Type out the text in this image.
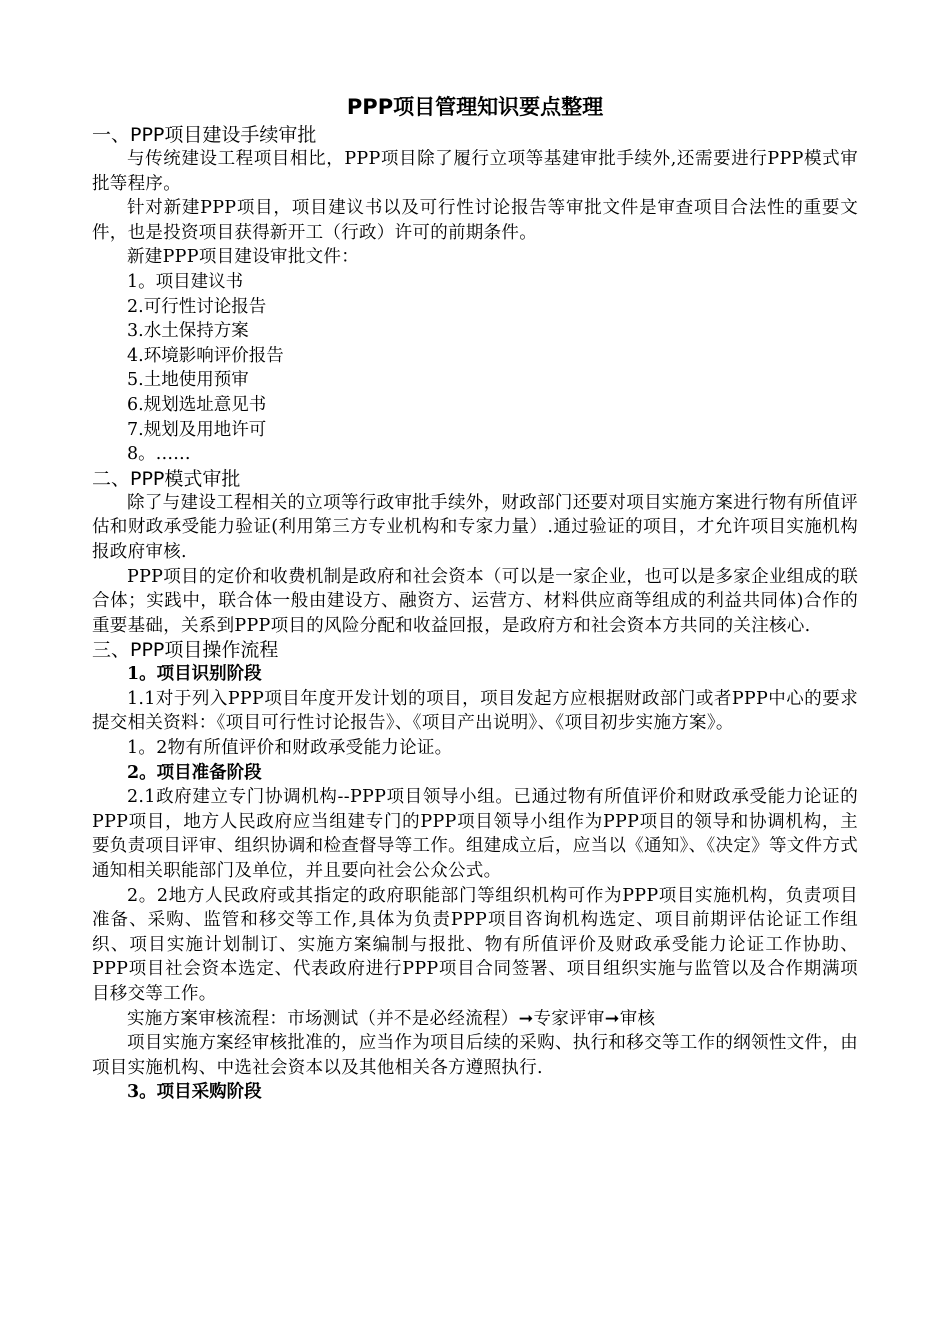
PPP项目管理知识要点整理
一、PPP项目建设手续审批

与传统建设工程项目相比，PPP项目除了履行立项等基建审批手续外,还需要进行PPP模式审批等程序。

针对新建PPP项目，项目建议书以及可行性讨论报告等审批文件是审查项目合法性的重要文件，也是投资项目获得新开工（行政）许可的前期条件。

新建PPP项目建设审批文件：

1。项目建议书
2.可行性讨论报告
3.水土保持方案
4.环境影响评价报告
5.土地使用预审
6.规划选址意见书
7.规划及用地许可
8。……
二、PPP模式审批

除了与建设工程相关的立项等行政审批手续外，财政部门还要对项目实施方案进行物有所值评估和财政承受能力验证(利用第三方专业机构和专家力量）.通过验证的项目，才允许项目实施机构报政府审核.

PPP项目的定价和收费机制是政府和社会资本（可以是一家企业，也可以是多家企业组成的联合体；实践中，联合体一般由建设方、融资方、运营方、材料供应商等组成的利益共同体)合作的重要基础，关系到PPP项目的风险分配和收益回报，是政府方和社会资本方共同的关注核心.

三、PPP项目操作流程
1。项目识别阶段

1.1对于列入PPP项目年度开发计划的项目，项目发起方应根据财政部门或者PPP中心的要求提交相关资料：《项目可行性讨论报告》、《项目产出说明》、《项目初步实施方案》。

1。2物有所值评价和财政承受能力论证。

2。项目准备阶段

2.1政府建立专门协调机构--PPP项目领导小组。已通过物有所值评价和财政承受能力论证的PPP项目，地方人民政府应当组建专门的PPP项目领导小组作为PPP项目的领导和协调机构，主要负责项目评审、组织协调和检查督导等工作。组建成立后，应当以《通知》、《决定》等文件方式通知相关职能部门及单位，并且要向社会公众公式。

2。2地方人民政府或其指定的政府职能部门等组织机构可作为PPP项目实施机构，负责项目准备、采购、监管和移交等工作,具体为负责PPP项目咨询机构选定、项目前期评估论证工作组织、项目实施计划制订、实施方案编制与报批、物有所值评价及财政承受能力论证工作协助、PPP项目社会资本选定、代表政府进行PPP项目合同签署、项目组织实施与监管以及合作期满项目移交等工作。

实施方案审核流程：市场测试（并不是必经流程）➞专家评审➞审核

项目实施方案经审核批准的，应当作为项目后续的采购、执行和移交等工作的纲领性文件，由项目实施机构、中选社会资本以及其他相关各方遵照执行.

3。项目采购阶段
